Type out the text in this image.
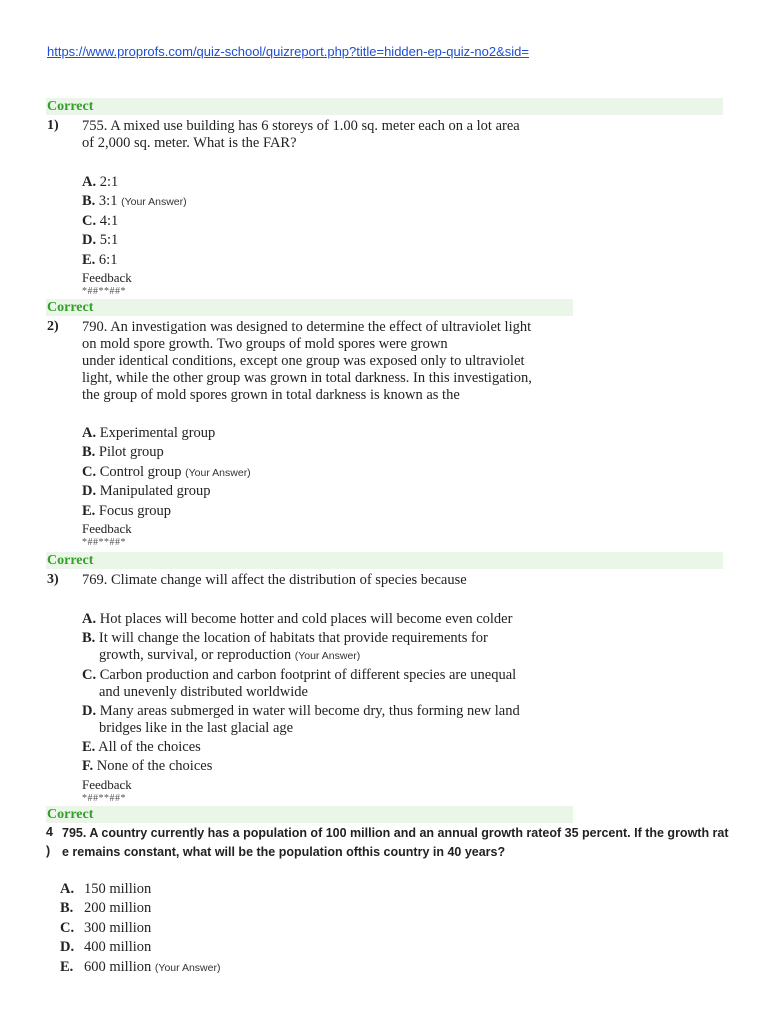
https://www.proprofs.com/quiz-school/quizreport.php?title=hidden-ep-quiz-no2&sid=
Correct
1) 755. A mixed use building has 6 storeys of 1.00 sq. meter each on a lot area
of 2,000 sq. meter. What is the FAR?
A. 2:1
B. 3:1 (Your Answer)
C. 4:1
D. 5:1
E. 6:1
Feedback
*##**##*
Correct
2) 790. An investigation was designed to determine the effect of ultraviolet light
on mold spore growth. Two groups of mold spores were grown
under identical conditions, except one group was exposed only to ultraviolet
light, while the other group was grown in total darkness. In this investigation,
the group of mold spores grown in total darkness is known as the
A. Experimental group
B. Pilot group
C. Control group (Your Answer)
D. Manipulated group
E. Focus group
Feedback
*##**##*
Correct
3) 769. Climate change will affect the distribution of species because
A. Hot places will become hotter and cold places will become even colder
B. It will change the location of habitats that provide requirements for
growth, survival, or reproduction (Your Answer)
C. Carbon production and carbon footprint of different species are unequal
and unevenly distributed worldwide
D. Many areas submerged in water will become dry, thus forming new land
bridges like in the last glacial age
E. All of the choices
F. None of the choices
Feedback
*##**##*
Correct
4
)
795. A country currently has a population of 100 million and an annual growth rateof 35 percent. If the growth rat
e remains constant, what will be the population ofthis country in 40 years?
A. 150 million
B. 200 million
C. 300 million
D. 400 million
E. 600 million (Your Answer)
